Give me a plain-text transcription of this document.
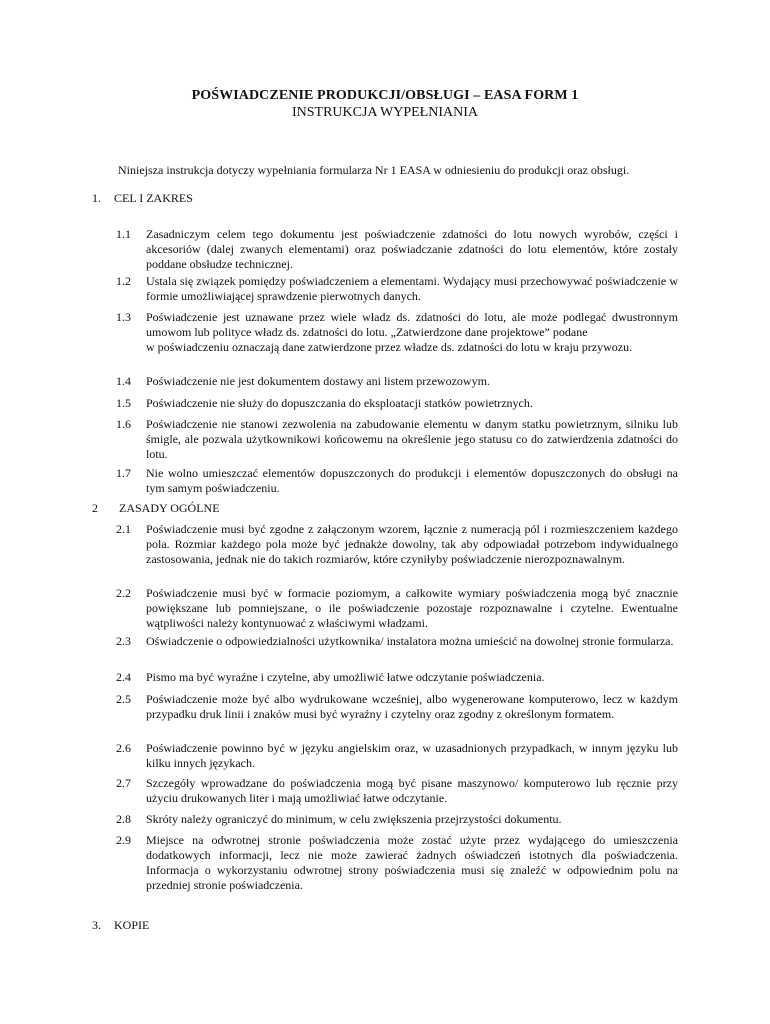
POŚWIADCZENIE PRODUKCJI/OBSŁUGI – EASA FORM 1
INSTRUKCJA WYPEŁNIANIA
Niniejsza instrukcja dotyczy wypełniania formularza Nr 1 EASA w odniesieniu do produkcji oraz obsługi.
1.	CEL I ZAKRES
1.1	Zasadniczym celem tego dokumentu jest poświadczenie zdatności do lotu nowych wyrobów, części i akcesoriów (dalej zwanych elementami) oraz poświadczanie zdatności do lotu elementów, które zostały poddane obsłudze technicznej.
1.2	Ustala się związek pomiędzy poświadczeniem a elementami. Wydający musi przechowywać poświadczenie w formie umożliwiającej sprawdzenie pierwotnych danych.
1.3	Poświadczenie jest uznawane przez wiele władz ds. zdatności do lotu, ale może podlegać dwustronnym umowom lub polityce władz ds. zdatności do lotu. „Zatwierdzone dane projektowe” podane
w poświadczeniu oznaczają dane zatwierdzone przez władze ds. zdatności do lotu w kraju przywozu.
1.4	Poświadczenie nie jest dokumentem dostawy ani listem przewozowym.
1.5	Poświadczenie nie służy do dopuszczania do eksploatacji statków powietrznych.
1.6	Poświadczenie nie stanowi zezwolenia na zabudowanie elementu w danym statku powietrznym, silniku lub śmigle, ale pozwala użytkownikowi końcowemu na określenie jego statusu co do zatwierdzenia zdatności do lotu.
1.7	Nie wolno umieszczać elementów dopuszczonych do produkcji i elementów dopuszczonych do obsługi na tym samym poświadczeniu.
2	ZASADY OGÓLNE
2.1	Poświadczenie musi być zgodne z załączonym wzorem, łącznie z numeracją pól i rozmieszczeniem każdego pola. Rozmiar każdego pola może być jednakże dowolny, tak aby odpowiadał potrzebom indywidualnego zastosowania, jednak nie do takich rozmiarów, które czyniłyby poświadczenie nierozpoznawalnym.
2.2	Poświadczenie musi być w formacie poziomym, a całkowite wymiary poświadczenia mogą być znacznie powiększane lub pomniejszane, o ile poświadczenie pozostaje rozpoznawalne i czytelne. Ewentualne wątpliwości należy kontynuować z właściwymi władzami.
2.3	Oświadczenie o odpowiedzialności użytkownika/ instalatora można umieścić na dowolnej stronie formularza.
2.4	Pismo ma być wyraźne i czytelne, aby umożliwić łatwe odczytanie poświadczenia.
2.5	Poświadczenie może być albo wydrukowane wcześniej, albo wygenerowane komputerowo, lecz w każdym przypadku druk linii i znaków musi być wyraźny i czytelny oraz zgodny z określonym formatem.
2.6	Poświadczenie powinno być w języku angielskim oraz, w uzasadnionych przypadkach, w innym języku lub kilku innych językach.
2.7	Szczegóły wprowadzane do poświadczenia mogą być pisane maszynowo/ komputerowo lub ręcznie przy użyciu drukowanych liter i mają umożliwiać łatwe odczytanie.
2.8	Skróty należy ograniczyć do minimum, w celu zwiększenia przejrzystości dokumentu.
2.9	Miejsce na odwrotnej stronie poświadczenia może zostać użyte przez wydającego do umieszczenia dodatkowych informacji, lecz nie może zawierać żadnych oświadczeń istotnych dla poświadczenia. Informacja o wykorzystaniu odwrotnej strony poświadczenia musi się znaleźć w odpowiednim polu na przedniej stronie poświadczenia.
3.	KOPIE
